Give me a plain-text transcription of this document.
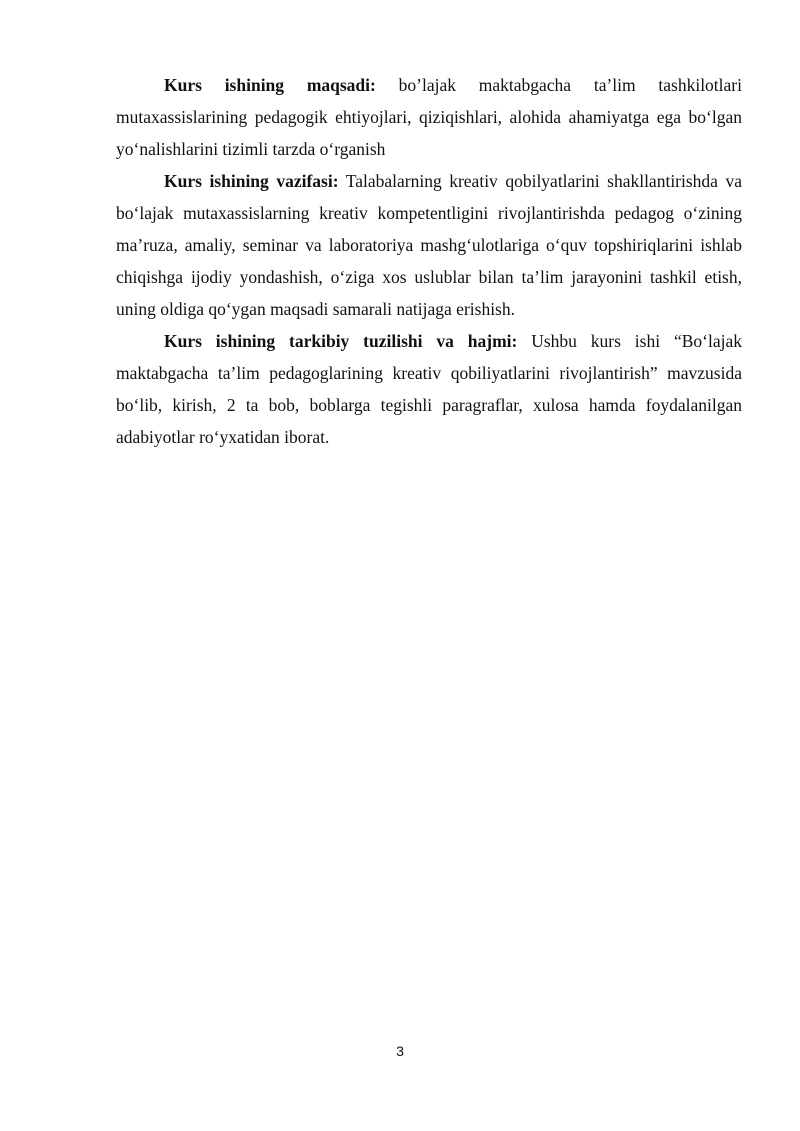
Kurs ishining maqsadi: bo’lajak maktabgacha ta’lim tashkilotlari mutaxassislarining pedagogik ehtiyojlari, qiziqishlari, alohida ahamiyatga ega bo‘lgan yo‘nalishlarini tizimli tarzda o‘rganish

Kurs ishining vazifasi: Talabalarning kreativ qobilyatlarini shakllantirishda va bo‘lajak mutaxassislarning kreativ kompetentligini rivojlantirishda pedagog o‘zining ma’ruza, amaliy, seminar va laboratoriya mashg‘ulotlariga o‘quv topshiriqlarini ishlab chiqishga ijodiy yondashish, o‘ziga xos uslublar bilan ta’lim jarayonini tashkil etish, uning oldiga qo‘ygan maqsadi samarali natijaga erishish.

Kurs ishining tarkibiy tuzilishi va hajmi: Ushbu kurs ishi “Bo‘lajak maktabgacha ta’lim pedagoglarining kreativ qobiliyatlarini rivojlantirish” mavzusida bo‘lib, kirish, 2 ta bob, boblarga tegishli paragraflar, xulosa hamda foydalanilgan adabiyotlar ro‘yxatidan iborat.

3
